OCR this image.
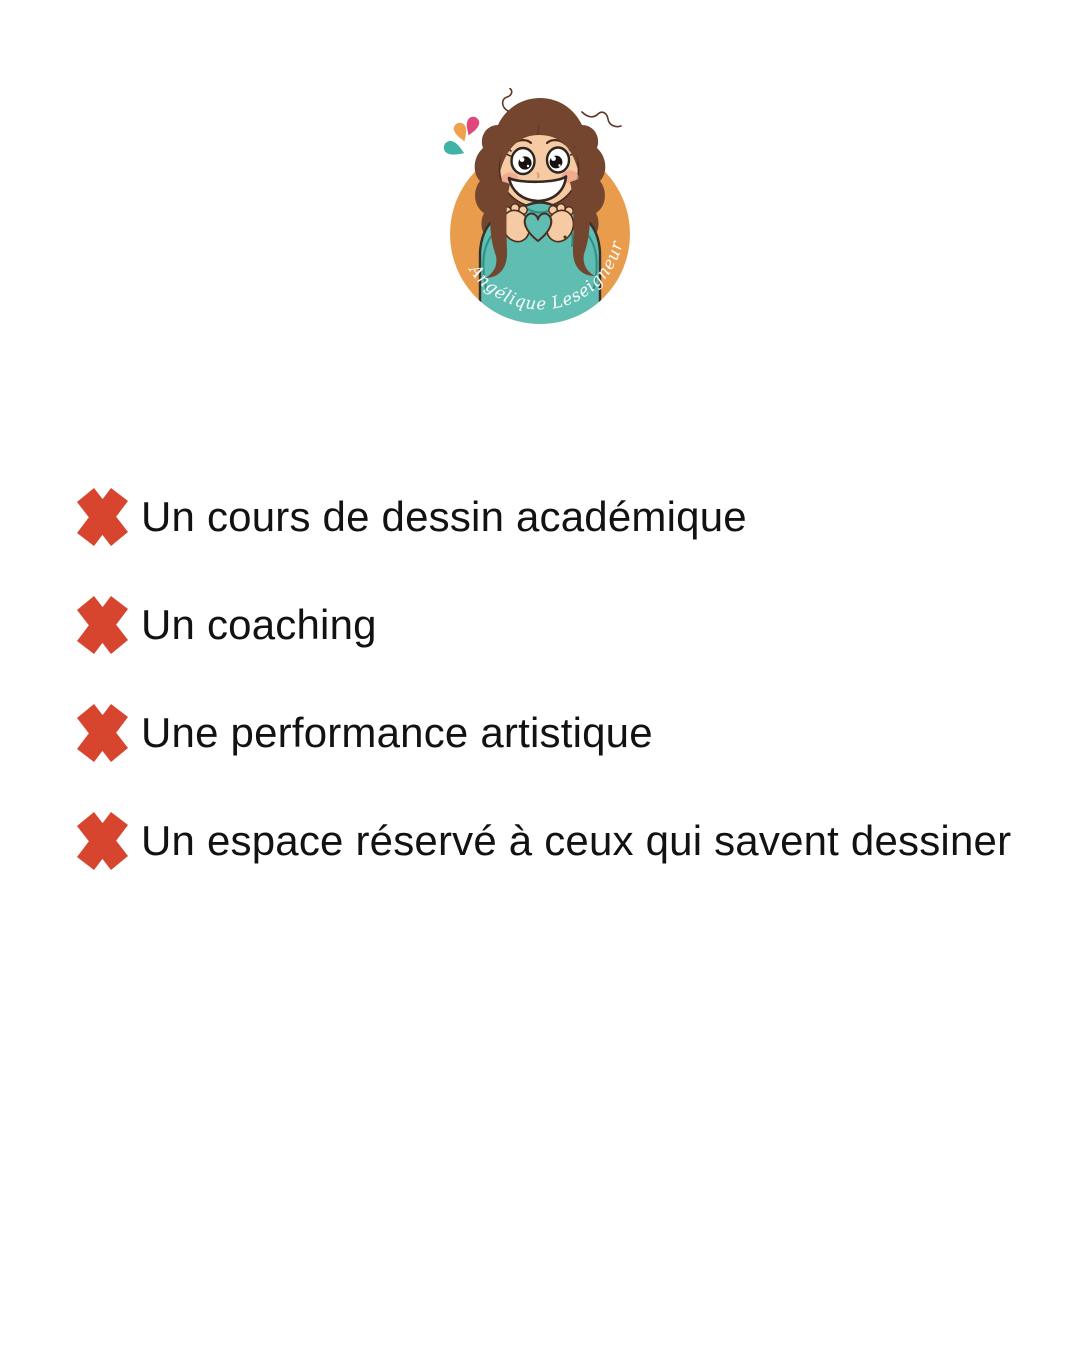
Angélique Leseigneur
Un cours de dessin académique
Un coaching
Une performance artistique
Un espace réservé à ceux qui savent dessiner
